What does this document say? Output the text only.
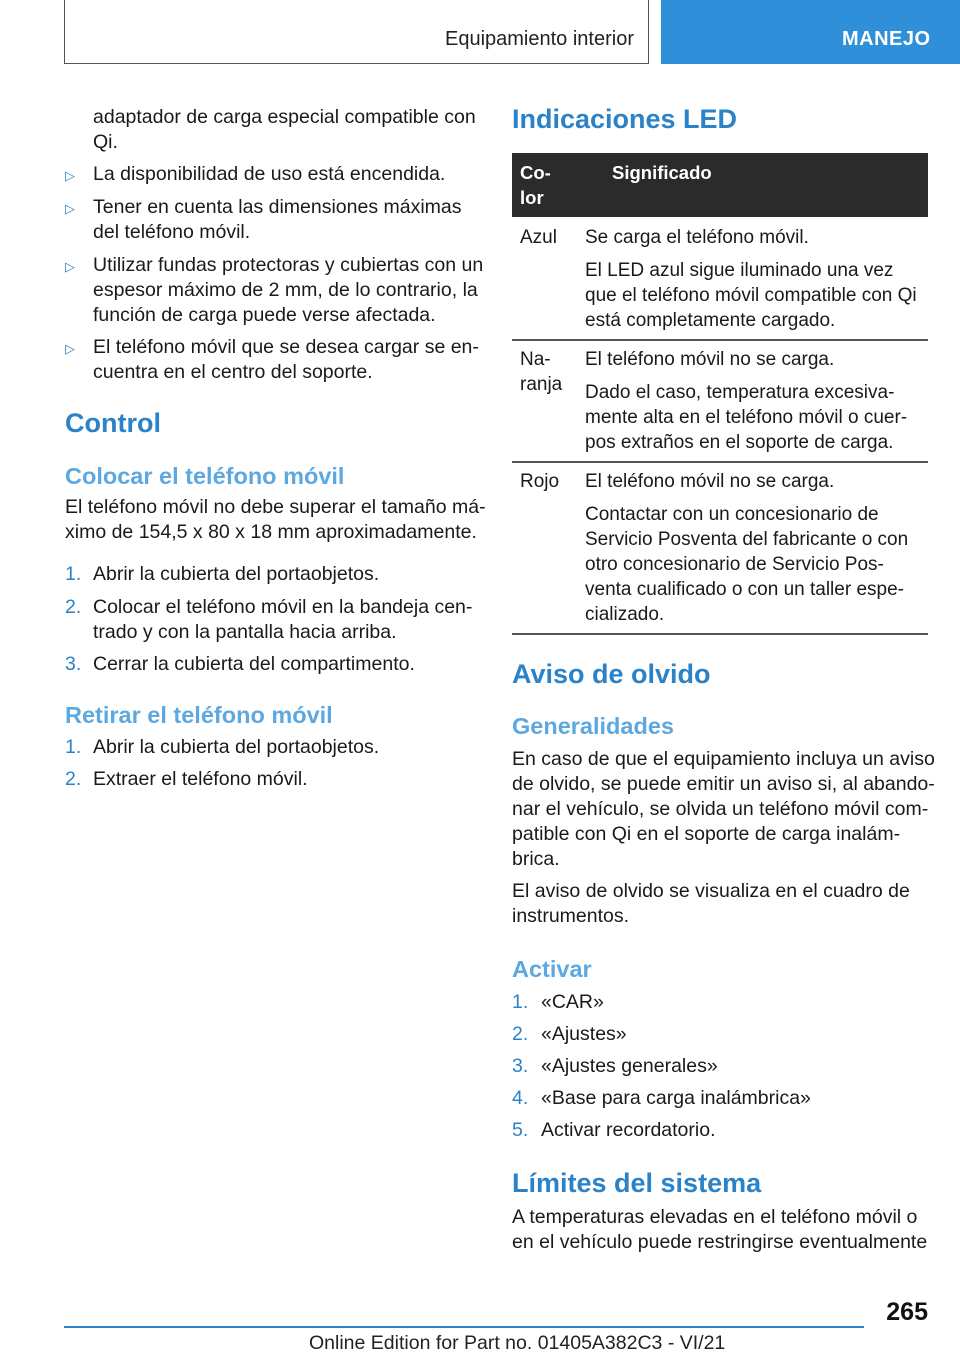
Equipamiento interior	MANEJO
adaptador de carga especial compatible con
Qi.
▷ La disponibilidad de uso está encendida.
▷ Tener en cuenta las dimensiones máximas
del teléfono móvil.
▷ Utilizar fundas protectoras y cubiertas con un
espesor máximo de 2 mm, de lo contrario, la
función de carga puede verse afectada.
▷ El teléfono móvil que se desea cargar se en-
cuentra en el centro del soporte.
Control
Colocar el teléfono móvil
El teléfono móvil no debe superar el tamaño má-
ximo de 154,5 x 80 x 18 mm aproximadamente.
1. Abrir la cubierta del portaobjetos.
2. Colocar el teléfono móvil en la bandeja cen-
trado y con la pantalla hacia arriba.
3. Cerrar la cubierta del compartimento.
Retirar el teléfono móvil
1. Abrir la cubierta del portaobjetos.
2. Extraer el teléfono móvil.
Indicaciones LED
Co-
lor
Significado
Azul Se carga el teléfono móvil.
El LED azul sigue iluminado una vez
que el teléfono móvil compatible con Qi
está completamente cargado.
Na-
ranja
El teléfono móvil no se carga.
Dado el caso, temperatura excesiva-
mente alta en el teléfono móvil o cuer-
pos extraños en el soporte de carga.
Rojo El teléfono móvil no se carga.
Contactar con un concesionario de
Servicio Posventa del fabricante o con
otro concesionario de Servicio Pos-
venta cualificado o con un taller espe-
cializado.
Aviso de olvido
Generalidades
En caso de que el equipamiento incluya un aviso
de olvido, se puede emitir un aviso si, al abando-
nar el vehículo, se olvida un teléfono móvil com-
patible con Qi en el soporte de carga inalám-
brica.
El aviso de olvido se visualiza en el cuadro de
instrumentos.
Activar
1. «CAR»
2. «Ajustes»
3. «Ajustes generales»
4. «Base para carga inalámbrica»
5. Activar recordatorio.
Límites del sistema
A temperaturas elevadas en el teléfono móvil o
en el vehículo puede restringirse eventualmente
265
Online Edition for Part no. 01405A382C3 - VI/21
